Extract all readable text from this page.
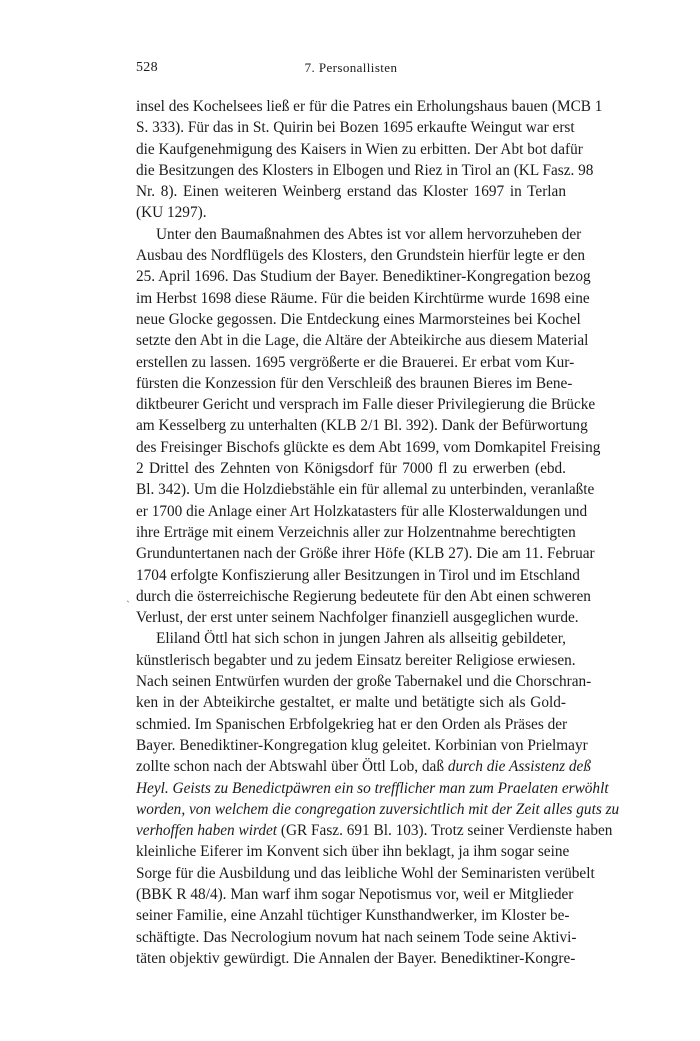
528	7. Personallisten
insel des Kochelsees ließ er für die Patres ein Erholungshaus bauen (MCB 1
S. 333). Für das in St. Quirin bei Bozen 1695 erkaufte Weingut war erst
die Kaufgenehmigung des Kaisers in Wien zu erbitten. Der Abt bot dafür
die Besitzungen des Klosters in Elbogen und Riez in Tirol an (KL Fasz. 98
Nr. 8). Einen weiteren Weinberg erstand das Kloster 1697 in Terlan
(KU 1297).
Unter den Baumaßnahmen des Abtes ist vor allem hervorzuheben der
Ausbau des Nordflügels des Klosters, den Grundstein hierfür legte er den
25. April 1696. Das Studium der Bayer. Benediktiner-Kongregation bezog
im Herbst 1698 diese Räume. Für die beiden Kirchtürme wurde 1698 eine
neue Glocke gegossen. Die Entdeckung eines Marmorsteines bei Kochel
setzte den Abt in die Lage, die Altäre der Abteikirche aus diesem Material
erstellen zu lassen. 1695 vergrößerte er die Brauerei. Er erbat vom Kur-
fürsten die Konzession für den Verschleiß des braunen Bieres im Bene-
diktbeurer Gericht und versprach im Falle dieser Privilegierung die Brücke
am Kesselberg zu unterhalten (KLB 2/1 Bl. 392). Dank der Befürwortung
des Freisinger Bischofs glückte es dem Abt 1699, vom Domkapitel Freising
2 Drittel des Zehnten von Königsdorf für 7000 fl zu erwerben (ebd.
Bl. 342). Um die Holzdiebstähle ein für allemal zu unterbinden, veranlaßte
er 1700 die Anlage einer Art Holzkatasters für alle Klosterwaldungen und
ihre Erträge mit einem Verzeichnis aller zur Holzentnahme berechtigten
Grunduntertanen nach der Größe ihrer Höfe (KLB 27). Die am 11. Februar
1704 erfolgte Konfiszierung aller Besitzungen in Tirol und im Etschland
durch die österreichische Regierung bedeutete für den Abt einen schweren
Verlust, der erst unter seinem Nachfolger finanziell ausgeglichen wurde.
Eliland Öttl hat sich schon in jungen Jahren als allseitig gebildeter,
künstlerisch begabter und zu jedem Einsatz bereiter Religiose erwiesen.
Nach seinen Entwürfen wurden der große Tabernakel und die Chorschran-
ken in der Abteikirche gestaltet, er malte und betätigte sich als Gold-
schmied. Im Spanischen Erbfolgekrieg hat er den Orden als Präses der
Bayer. Benediktiner-Kongregation klug geleitet. Korbinian von Prielmayr
zollte schon nach der Abtswahl über Öttl Lob, daß durch die Assistenz deß
Heyl. Geists zu Benedictpäwren ein so trefflicher man zum Praelaten erwöhlt
worden, von welchem die congregation zuversichtlich mit der Zeit alles guts zu
verhoffen haben wirdet (GR Fasz. 691 Bl. 103). Trotz seiner Verdienste haben
kleinliche Eiferer im Konvent sich über ihn beklagt, ja ihm sogar seine
Sorge für die Ausbildung und das leibliche Wohl der Seminaristen verübelt
(BBK R 48/4). Man warf ihm sogar Nepotismus vor, weil er Mitglieder
seiner Familie, eine Anzahl tüchtiger Kunsthandwerker, im Kloster be-
schäftigte. Das Necrologium novum hat nach seinem Tode seine Aktivi-
täten objektiv gewürdigt. Die Annalen der Bayer. Benediktiner-Kongre-
ˎ
